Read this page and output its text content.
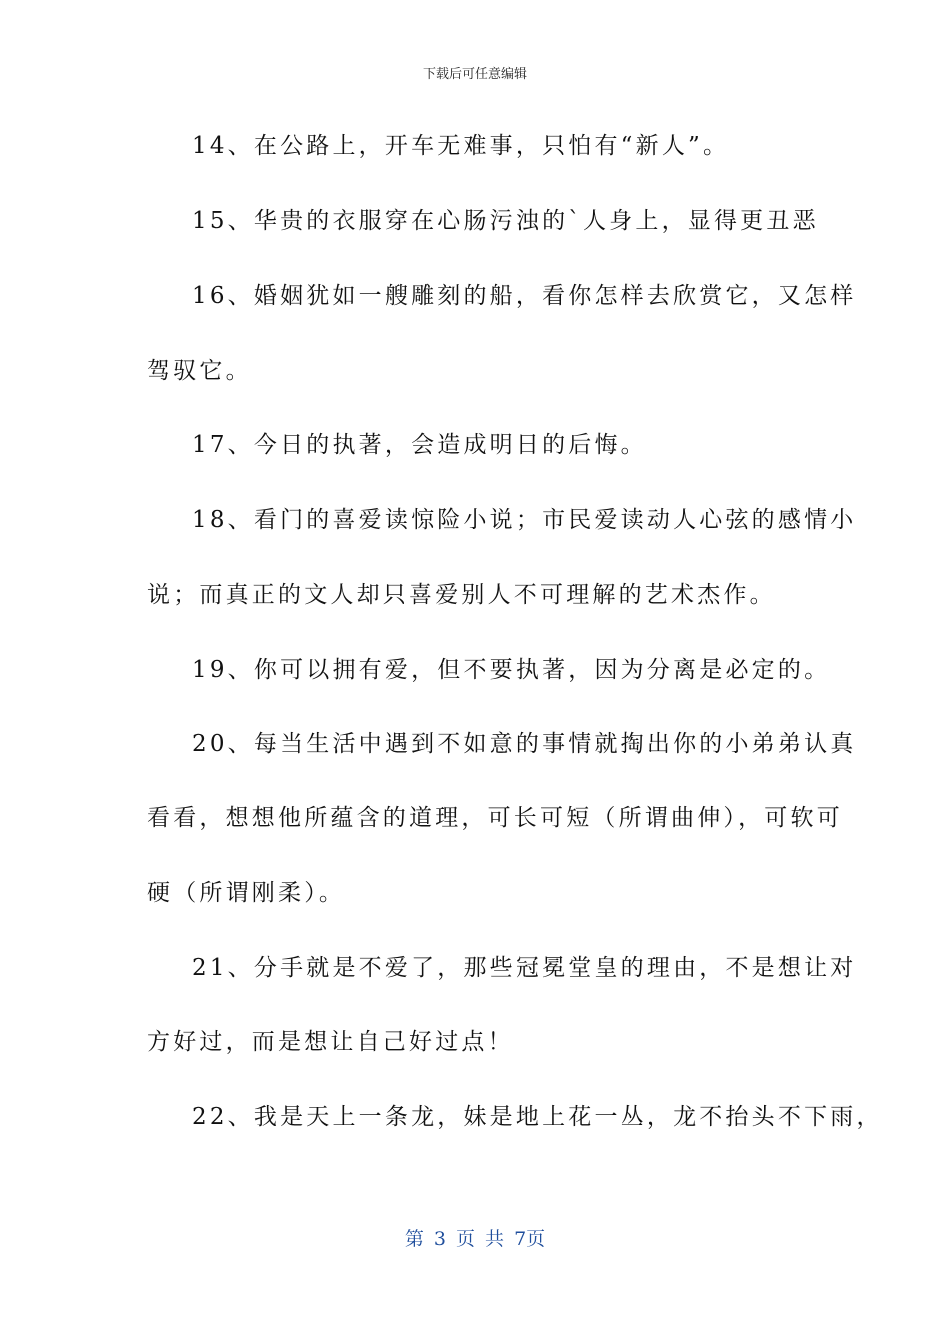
下载后可任意编辑
14、在公路上，开车无难事，只怕有“新人”。
15、华贵的衣服穿在心肠污浊的`人身上，显得更丑恶
16、婚姻犹如一艘雕刻的船，看你怎样去欣赏它，又怎样
驾驭它。
17、今日的执著，会造成明日的后悔。
18、看门的喜爱读惊险小说；市民爱读动人心弦的感情小
说；而真正的文人却只喜爱别人不可理解的艺术杰作。
19、你可以拥有爱，但不要执著，因为分离是必定的。
20、每当生活中遇到不如意的事情就掏出你的小弟弟认真
看看，想想他所蕴含的道理，可长可短（所谓曲伸），可软可
硬（所谓刚柔）。
21、分手就是不爱了，那些冠冕堂皇的理由，不是想让对
方好过，而是想让自己好过点！
22、我是天上一条龙，妹是地上花一丛，龙不抬头不下雨，
第 3 页 共 7页
